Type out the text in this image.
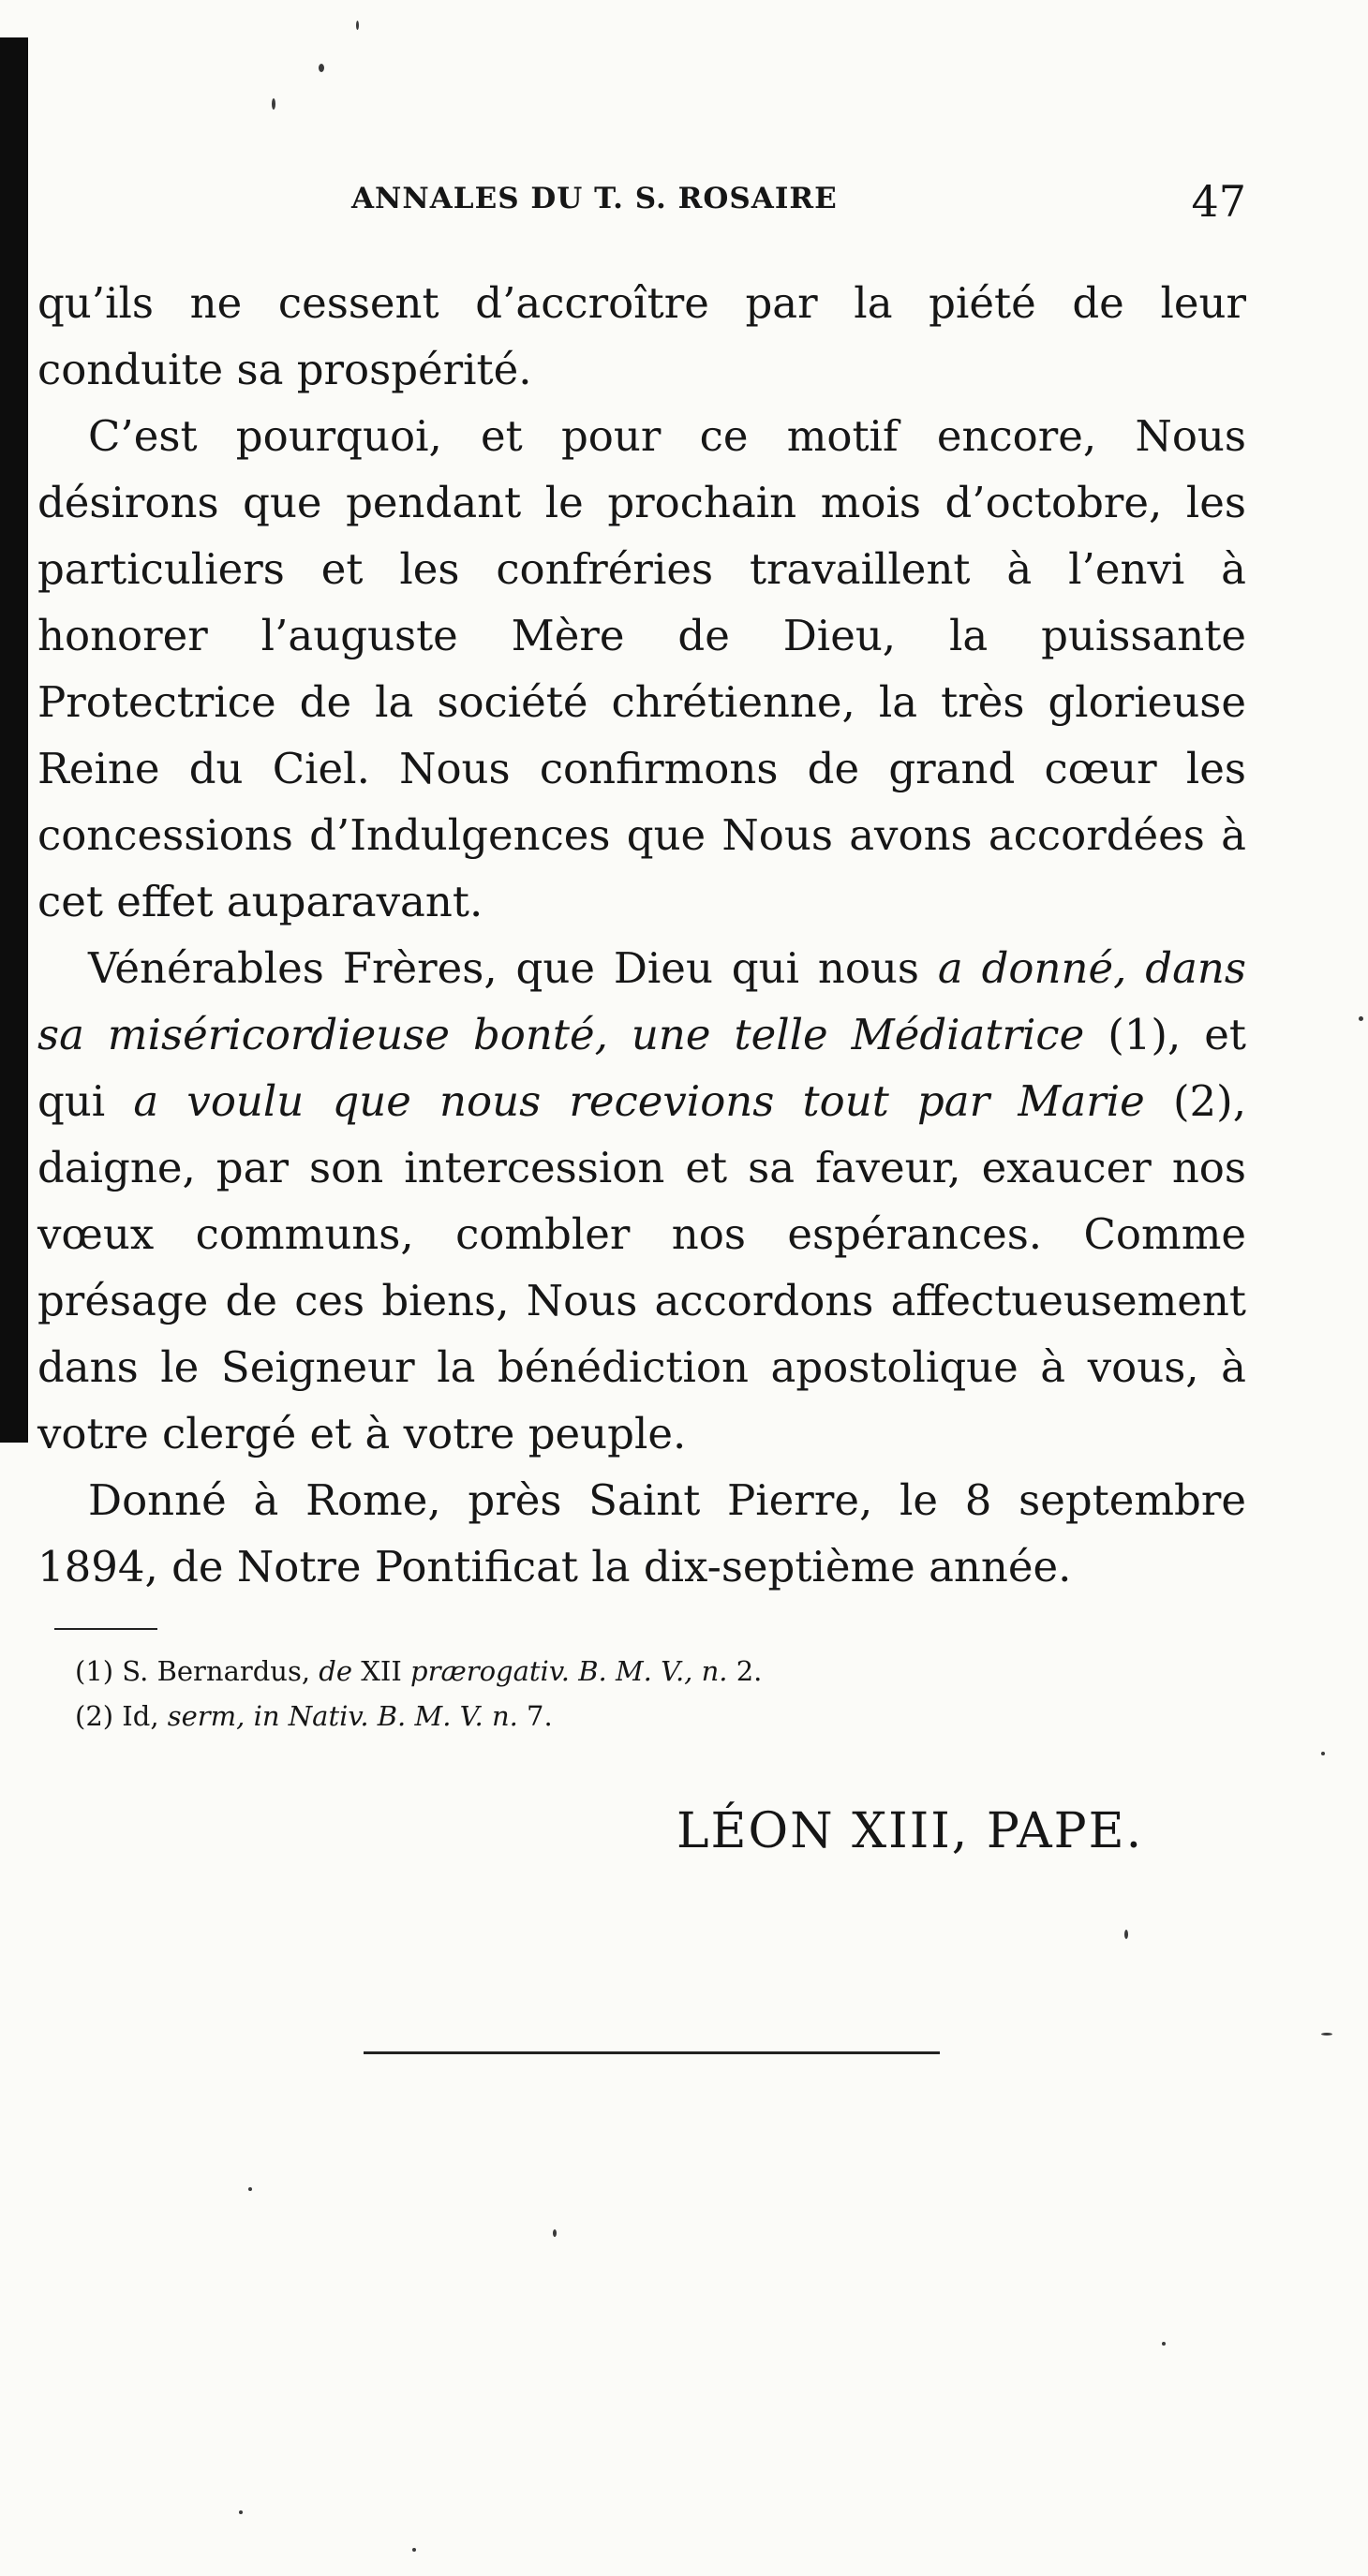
ANNALES DU T. S. ROSAIRE	47

qu’ils ne cessent d’accroître par la piété de leur conduite sa prospérité.

C’est pourquoi, et pour ce motif encore, Nous désirons que pendant le prochain mois d’octobre, les particuliers et les confréries travaillent à l’envi à honorer l’auguste Mère de Dieu, la puissante Protectrice de la société chrétienne, la très glorieuse Reine du Ciel. Nous confirmons de grand cœur les concessions d’Indulgences que Nous avons accordées à cet effet auparavant.

Vénérables Frères, que Dieu qui nous a donné, dans sa miséricordieuse bonté, une telle Médiatrice (1), et qui a voulu que nous recevions tout par Marie (2), daigne, par son intercession et sa faveur, exaucer nos vœux communs, combler nos espérances. Comme présage de ces biens, Nous accordons affectueusement dans le Seigneur la bénédiction apostolique à vous, à votre clergé et à votre peuple.

Donné à Rome, près Saint Pierre, le 8 septembre 1894, de Notre Pontificat la dix-septième année.

(1) S. Bernardus, de XII prærogativ. B. M. V., n. 2.
(2) Id, serm, in Nativ. B. M. V. n. 7.
LÉON XIII, PAPE.
